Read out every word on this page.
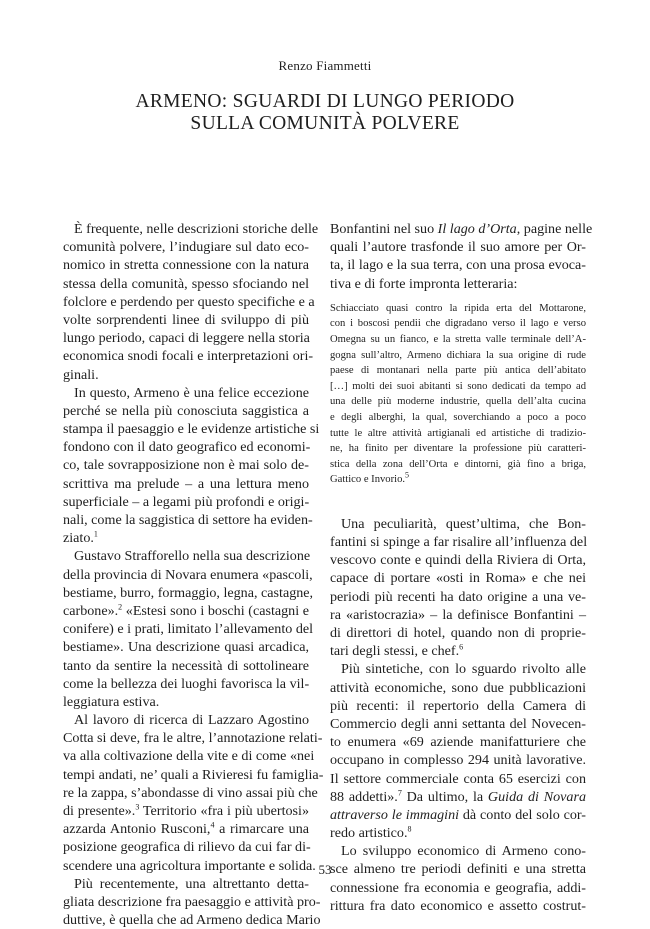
Renzo Fiammetti
ARMENO: SGUARDI DI LUNGO PERIODO
SULLA COMUNITÀ POLVERE
È frequente, nelle descrizioni storiche delle
comunità polvere, l’indugiare sul dato eco-
nomico in stretta connessione con la natura
stessa della comunità, spesso sfociando nel
folclore e perdendo per questo specifiche e a
volte sorprendenti linee di sviluppo di più
lungo periodo, capaci di leggere nella storia
economica snodi focali e interpretazioni ori-
ginali.
In questo, Armeno è una felice eccezione
perché se nella più conosciuta saggistica a
stampa il paesaggio e le evidenze artistiche si
fondono con il dato geografico ed economi-
co, tale sovrapposizione non è mai solo de-
scrittiva ma prelude – a una lettura meno
superficiale – a legami più profondi e origi-
nali, come la saggistica di settore ha eviden-
ziato.$^1$
Gustavo Strafforello nella sua descrizione
della provincia di Novara enumera «pascoli,
bestiame, burro, formaggio, legna, castagne,
carbone».$^2$ «Estesi sono i boschi (castagni e
conifere) e i prati, limitato l’allevamento del
bestiame». Una descrizione quasi arcadica,
tanto da sentire la necessità di sottolineare
come la bellezza dei luoghi favorisca la vil-
leggiatura estiva.
Al lavoro di ricerca di Lazzaro Agostino
Cotta si deve, fra le altre, l’annotazione relati-
va alla coltivazione della vite e di come «nei
tempi andati, ne’ quali a Rivieresi fu famiglia-
re la zappa, s’abondasse di vino assai più che
di presente».$^3$ Territorio «fra i più ubertosi»
azzarda Antonio Rusconi,$^4$ a rimarcare una
posizione geografica di rilievo da cui far di-
scendere una agricoltura importante e solida.
Più recentemente, una altrettanto detta-
gliata descrizione fra paesaggio e attività pro-
duttive, è quella che ad Armeno dedica Mario
Bonfantini nel suo Il lago d’Orta, pagine nelle
quali l’autore trasfonde il suo amore per Or-
ta, il lago e la sua terra, con una prosa evoca-
tiva e di forte impronta letteraria:
Schiacciato quasi contro la ripida erta del Mottarone,
con i boscosi pendii che digradano verso il lago e verso
Omegna su un fianco, e la stretta valle terminale dell’A-
gogna sull’altro, Armeno dichiara la sua origine di rude
paese di montanari nella parte più antica dell’abitato
[…] molti dei suoi abitanti si sono dedicati da tempo ad
una delle più moderne industrie, quella dell’alta cucina
e degli alberghi, la qual, soverchiando a poco a poco
tutte le altre attività artigianali ed artistiche di tradizio-
ne, ha finito per diventare la professione più caratteri-
stica della zona dell’Orta e dintorni, già fino a briga,
Gattico e Invorio.$^5$
Una peculiarità, quest’ultima, che Bon-
fantini si spinge a far risalire all’influenza del
vescovo conte e quindi della Riviera di Orta,
capace di portare «osti in Roma» e che nei
periodi più recenti ha dato origine a una ve-
ra «aristocrazia» – la definisce Bonfantini –
di direttori di hotel, quando non di proprie-
tari degli stessi, e chef.$^6$
Più sintetiche, con lo sguardo rivolto alle
attività economiche, sono due pubblicazioni
più recenti: il repertorio della Camera di
Commercio degli anni settanta del Novecen-
to enumera «69 aziende manifatturiere che
occupano in complesso 294 unità lavorative.
Il settore commerciale conta 65 esercizi con
88 addetti».$^7$ Da ultimo, la Guida di Novara
attraverso le immagini dà conto del solo cor-
redo artistico.$^8$
Lo sviluppo economico di Armeno cono-
sce almeno tre periodi definiti e una stretta
connessione fra economia e geografia, addi-
rittura fra dato economico e assetto costrut-
53
